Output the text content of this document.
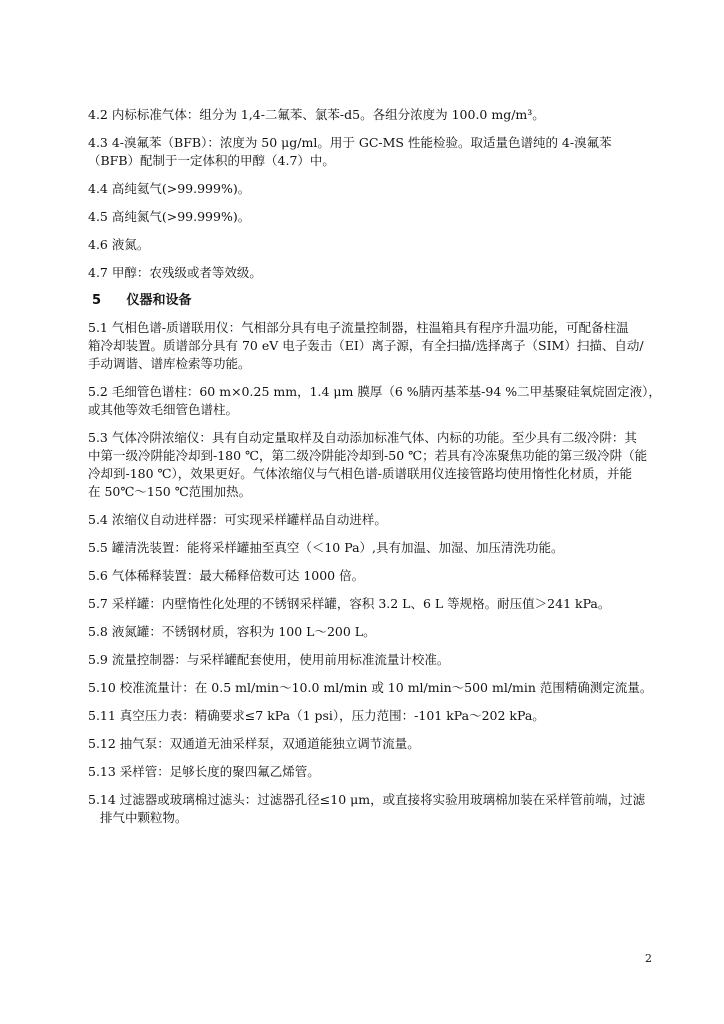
4.2 内标标准气体：组分为 1,4-二氟苯、氯苯-d5。各组分浓度为 100.0 mg/m³。
4.3 4-溴氟苯（BFB）：浓度为 50 μg/ml。用于 GC-MS 性能检验。取适量色谱纯的 4-溴氟苯
（BFB）配制于一定体积的甲醇（4.7）中。
4.4 高纯氦气(>99.999%)。
4.5 高纯氮气(>99.999%)。
4.6 液氮。
4.7 甲醇：农残级或者等效级。
5 仪器和设备
5.1 气相色谱-质谱联用仪：气相部分具有电子流量控制器，柱温箱具有程序升温功能，可配备柱温
箱冷却装置。质谱部分具有 70 eV 电子轰击（EI）离子源，有全扫描/选择离子（SIM）扫描、自动/
手动调谐、谱库检索等功能。
5.2 毛细管色谱柱：60 m×0.25 mm，1.4 μm 膜厚（6 %腈丙基苯基-94 %二甲基聚硅氧烷固定液），
或其他等效毛细管色谱柱。
5.3 气体冷阱浓缩仪：具有自动定量取样及自动添加标准气体、内标的功能。至少具有二级冷阱：其
中第一级冷阱能冷却到-180 ℃，第二级冷阱能冷却到-50 ℃；若具有冷冻聚焦功能的第三级冷阱（能
冷却到-180 ℃），效果更好。气体浓缩仪与气相色谱-质谱联用仪连接管路均使用惰性化材质，并能
在 50℃～150 ℃范围加热。
5.4 浓缩仪自动进样器：可实现采样罐样品自动进样。
5.5 罐清洗装置：能将采样罐抽至真空（＜10 Pa）,具有加温、加湿、加压清洗功能。
5.6 气体稀释装置：最大稀释倍数可达 1000 倍。
5.7 采样罐：内壁惰性化处理的不锈钢采样罐，容积 3.2 L、6 L 等规格。耐压值＞241 kPa。
5.8 液氮罐：不锈钢材质，容积为 100 L～200 L。
5.9 流量控制器：与采样罐配套使用，使用前用标准流量计校准。
5.10 校准流量计：在 0.5 ml/min～10.0 ml/min 或 10 ml/min～500 ml/min 范围精确测定流量。
5.11 真空压力表：精确要求≤7 kPa（1 psi），压力范围：-101 kPa～202 kPa。
5.12 抽气泵：双通道无油采样泵，双通道能独立调节流量。
5.13 采样管：足够长度的聚四氟乙烯管。
5.14 过滤器或玻璃棉过滤头：过滤器孔径≤10 μm，或直接将实验用玻璃棉加装在采样管前端，过滤
排气中颗粒物。
2
